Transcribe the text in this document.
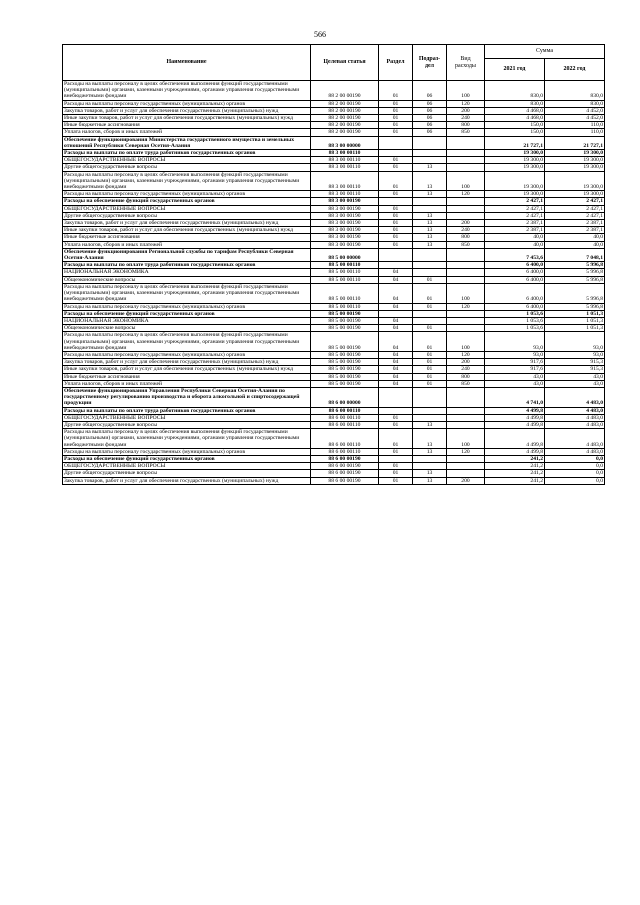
566
Наименование	Целевая статья	Раздел	Подраз-
дел	Вид
расходы	Сумма	
					2021 год	2022 год
Расходы на выплаты персоналу в целях обеспечения выполнения функций государственными (муниципальными) органами, казенными учреждениями, органами управления государственными внебюджетными фондами	88 2 00 00190	01	06	100	830,0	830,0
Расходы на выплаты персоналу государственных (муниципальных) органов	88 2 00 00190	01	06	120	830,0	830,0
Закупка товаров, работ и услуг для обеспечения государственных (муниципальных) нужд	88 2 00 00190	01	06	200	4 468,0	4 452,0
Иные закупки товаров, работ и услуг для обеспечения государственных (муниципальных) нужд	88 2 00 00190	01	06	240	4 468,0	4 452,0
Иные бюджетные ассигнования	88 2 00 00190	01	06	800	150,0	110,0
Уплата налогов, сборов и иных платежей	88 2 00 00190	01	06	850	150,0	110,0
Обеспечение функционирования Министерства государственного имущества и земельных отношений Республики Северная Осетия-Алания	88 3 00 00000				21 727,1	21 727,1
Расходы на выплаты по оплате труда работников государственных органов	88 3 00 00110				19 300,0	19 300,0
ОБЩЕГОСУДАРСТВЕННЫЕ ВОПРОСЫ	88 3 00 00110	01			19 300,0	19 300,0
Другие общегосударственные вопросы	88 3 00 00110	01	13		19 300,0	19 300,0
Расходы на выплаты персоналу в целях обеспечения выполнения функций государственными (муниципальными) органами, казенными учреждениями, органами управления государственными внебюджетными фондами	88 3 00 00110	01	13	100	19 300,0	19 300,0
Расходы на выплаты персоналу государственных (муниципальных) органов	88 3 00 00110	01	13	120	19 300,0	19 300,0
Расходы на обеспечение функций государственных органов	88 3 00 00190				2 427,1	2 427,1
ОБЩЕГОСУДАРСТВЕННЫЕ ВОПРОСЫ	88 3 00 00190	01			2 427,1	2 427,1
Другие общегосударственные вопросы	88 3 00 00190	01	13		2 427,1	2 427,1
Закупка товаров, работ и услуг для обеспечения государственных (муниципальных) нужд	88 3 00 00190	01	13	200	2 387,1	2 387,1
Иные закупки товаров, работ и услуг для обеспечения государственных (муниципальных) нужд	88 3 00 00190	01	13	240	2 387,1	2 387,1
Иные бюджетные ассигнования	88 3 00 00190	01	13	800	40,0	40,0
Уплата налогов, сборов и иных платежей	88 3 00 00190	01	13	850	40,0	40,0
Обеспечение функционирования Региональной службы по тарифам Республики Северная Осетия-Алания	88 5 00 00000				7 453,6	7 048,1
Расходы на выплаты по оплате труда работников государственных органов	88 5 00 00110				6 400,0	5 996,8
НАЦИОНАЛЬНАЯ ЭКОНОМИКА	88 5 00 00110	04			6 400,0	5 996,8
Общеэкономические вопросы	88 5 00 00110	04	01		6 400,0	5 996,8
Расходы на выплаты персоналу в целях обеспечения выполнения функций государственными (муниципальными) органами, казенными учреждениями, органами управления государственными внебюджетными фондами	88 5 00 00110	04	01	100	6 400,0	5 996,8
Расходы на выплаты персоналу государственных (муниципальных) органов	88 5 00 00110	04	01	120	6 400,0	5 996,8
Расходы на обеспечение функций государственных органов	88 5 00 00190				1 053,6	1 051,3
НАЦИОНАЛЬНАЯ ЭКОНОМИКА	88 5 00 00190	04			1 053,6	1 051,3
Общеэкономические вопросы	88 5 00 00190	04	01		1 053,6	1 051,3
Расходы на выплаты персоналу в целях обеспечения выполнения функций государственными (муниципальными) органами, казенными учреждениями, органами управления государственными внебюджетными фондами	88 5 00 00190	04	01	100	93,0	93,0
Расходы на выплаты персоналу государственных (муниципальных) органов	88 5 00 00190	04	01	120	93,0	93,0
Закупка товаров, работ и услуг для обеспечения государственных (муниципальных) нужд	88 5 00 00190	04	01	200	917,6	915,3
Иные закупки товаров, работ и услуг для обеспечения государственных (муниципальных) нужд	88 5 00 00190	04	01	240	917,6	915,3
Иные бюджетные ассигнования	88 5 00 00190	04	01	800	43,0	43,0
Уплата налогов, сборов и иных платежей	88 5 00 00190	04	01	850	43,0	43,0
Обеспечение функционирования Управления Республики Северная Осетия-Алания по государственному регулированию производства и оборота алкогольной и спиртосодержащей продукции	88 6 00 00000				4 741,0	4 483,0
Расходы на выплаты по оплате труда работников государственных органов	88 6 00 00110				4 499,8	4 483,0
ОБЩЕГОСУДАРСТВЕННЫЕ ВОПРОСЫ	88 6 00 00110	01			4 499,8	4 483,0
Другие общегосударственные вопросы	88 6 00 00110	01	13		4 499,8	4 483,0
Расходы на выплаты персоналу в целях обеспечения выполнения функций государственными (муниципальными) органами, казенными учреждениями, органами управления государственными внебюджетными фондами	88 6 00 00110	01	13	100	4 499,8	4 483,0
Расходы на выплаты персоналу государственных (муниципальных) органов	88 6 00 00110	01	13	120	4 499,8	4 483,0
Расходы на обеспечение функций государственных органов	88 6 00 00190				241,2	0,0
ОБЩЕГОСУДАРСТВЕННЫЕ ВОПРОСЫ	88 6 00 00190	01			241,2	0,0
Другие общегосударственные вопросы	88 6 00 00190	01	13		241,2	0,0
Закупка товаров, работ и услуг для обеспечения государственных (муниципальных) нужд	88 6 00 00190	01	13	200	241,2	0,0
